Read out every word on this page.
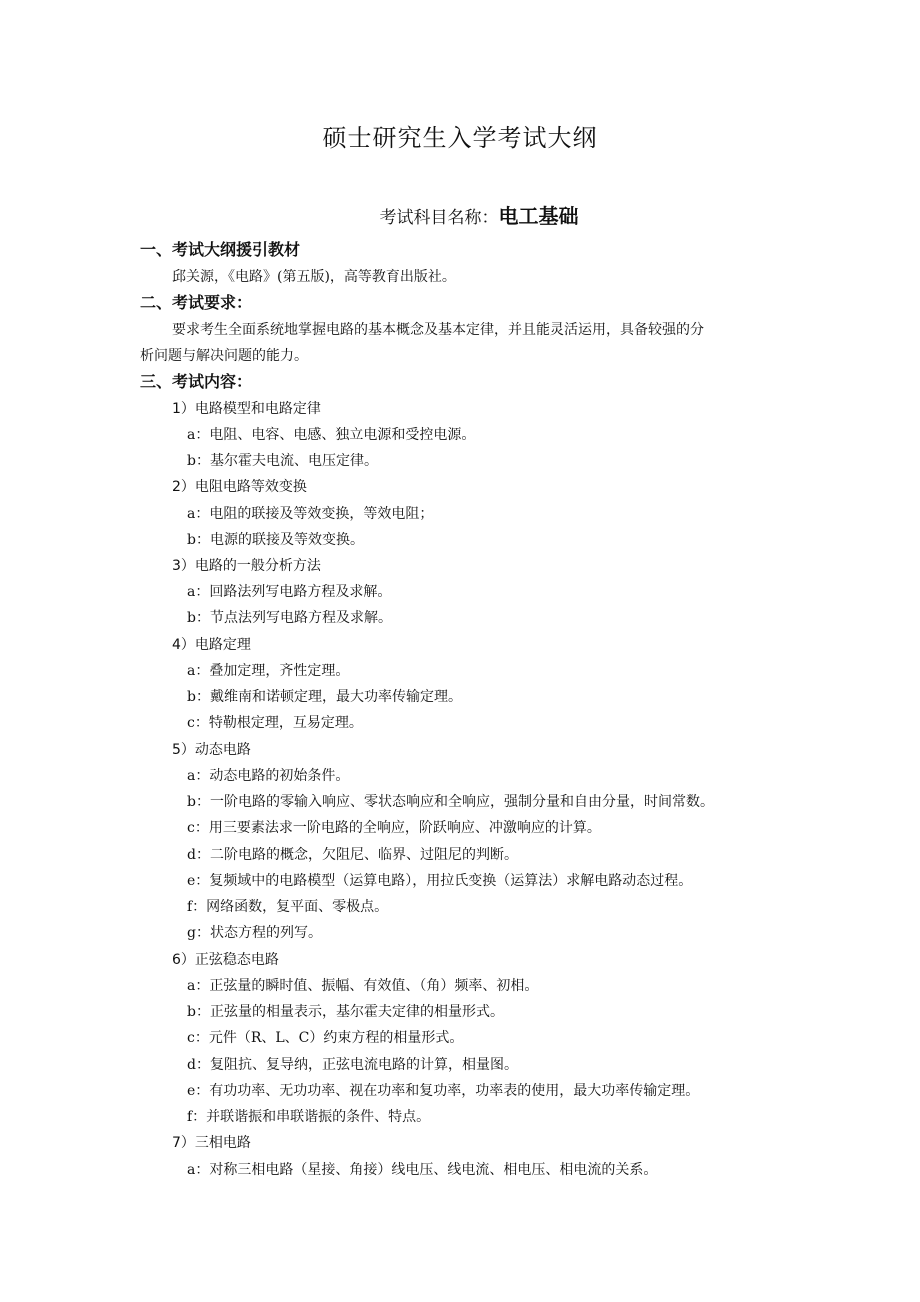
硕士研究生入学考试大纲
考试科目名称：电工基础
一、考试大纲援引教材
邱关源，《电路》(第五版)，高等教育出版社。
二、考试要求：
要求考生全面系统地掌握电路的基本概念及基本定律，并且能灵活运用，具备较强的分
析问题与解决问题的能力。
三、考试内容：
1）电路模型和电路定律
a：电阻、电容、电感、独立电源和受控电源。
b：基尔霍夫电流、电压定律。
2）电阻电路等效变换
a：电阻的联接及等效变换，等效电阻；
b：电源的联接及等效变换。
3）电路的一般分析方法
a：回路法列写电路方程及求解。
b：节点法列写电路方程及求解。
4）电路定理
a：叠加定理，齐性定理。
b：戴维南和诺顿定理，最大功率传输定理。
c：特勒根定理，互易定理。
5）动态电路
a：动态电路的初始条件。
b：一阶电路的零输入响应、零状态响应和全响应，强制分量和自由分量，时间常数。
c：用三要素法求一阶电路的全响应，阶跃响应、冲激响应的计算。
d：二阶电路的概念，欠阻尼、临界、过阻尼的判断。
e：复频域中的电路模型（运算电路），用拉氏变换（运算法）求解电路动态过程。
f：网络函数，复平面、零极点。
g：状态方程的列写。
6）正弦稳态电路
a：正弦量的瞬时值、振幅、有效值、（角）频率、初相。
b：正弦量的相量表示，基尔霍夫定律的相量形式。
c：元件（R、L、C）约束方程的相量形式。
d：复阻抗、复导纳，正弦电流电路的计算，相量图。
e：有功功率、无功功率、视在功率和复功率，功率表的使用，最大功率传输定理。
f：并联谐振和串联谐振的条件、特点。
7）三相电路
a：对称三相电路（星接、角接）线电压、线电流、相电压、相电流的关系。
